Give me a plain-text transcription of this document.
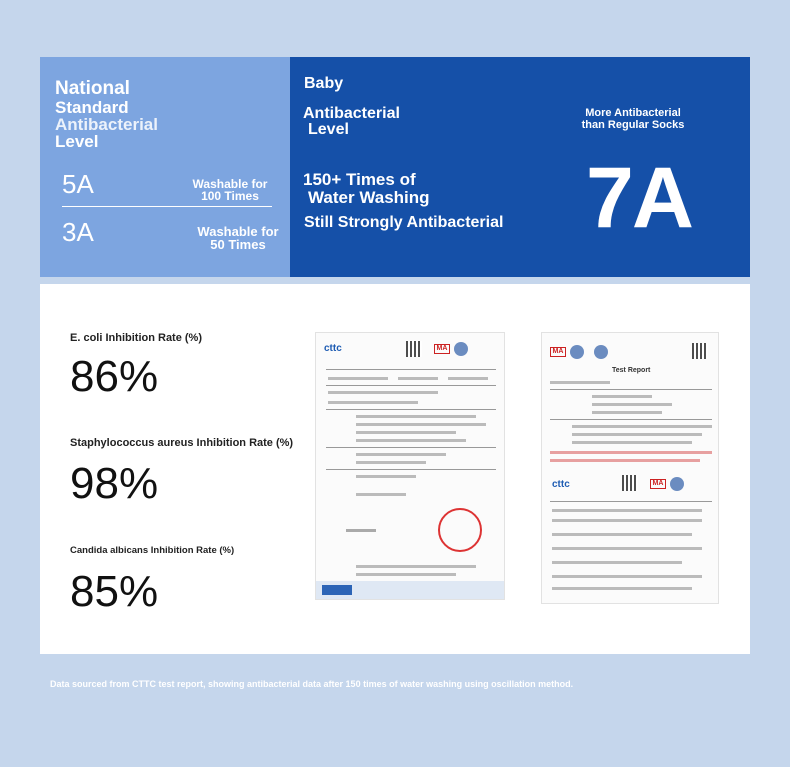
National
Standard
Antibacterial
Level
5A	Washable for
100 Times
3A	Washable for
50 Times
Baby
Antibacterial
Level
More Antibacterial
than Regular Socks
150+ Times of
Water Washing
Still Strongly Antibacterial 7A
E. coli Inhibition Rate (%)
86%
Staphylococcus aureus Inhibition Rate (%)
98%
Candida albicans Inhibition Rate (%)
85%
cttc	MA	MA
Test Report
cttc	MA
Data sourced from CTTC test report, showing antibacterial data after 150 times of water washing using oscillation method.
